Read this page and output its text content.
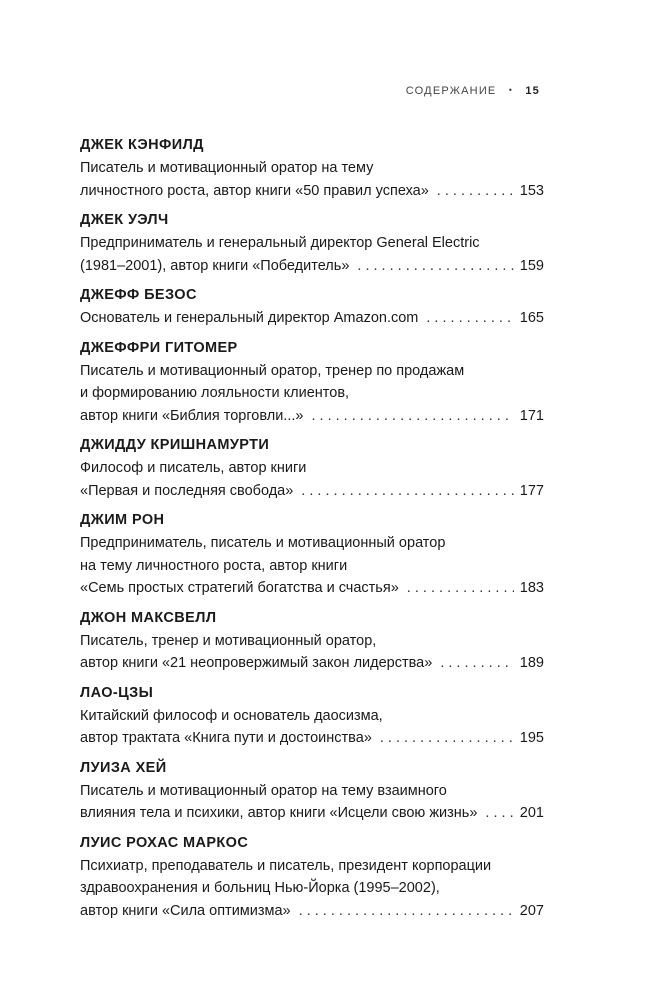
СОДЕРЖАНИЕ • 15
ДЖЕК КЭНФИЛД
Писатель и мотивационный оратор на тему
личностного роста, автор книги «50 правил успеха» . . .	153
ДЖЕК УЭЛЧ
Предприниматель и генеральный директор General Electric
(1981–2001), автор книги «Победитель» . . .	159
ДЖЕФФ БЕЗОС
Основатель и генеральный директор Amazon.com . . .	165
ДЖЕФФРИ ГИТОМЕР
Писатель и мотивационный оратор, тренер по продажам
и формированию лояльности клиентов,
автор книги «Библия торговли...» . . .	171
ДЖИДДУ КРИШНАМУРТИ
Философ и писатель, автор книги
«Первая и последняя свобода» . . .	177
ДЖИМ РОН
Предприниматель, писатель и мотивационный оратор
на тему личностного роста, автор книги
«Семь простых стратегий богатства и счастья» . . .	183
ДЖОН МАКСВЕЛЛ
Писатель, тренер и мотивационный оратор,
автор книги «21 неопровержимый закон лидерства» . . .	189
ЛАО-ЦЗЫ
Китайский философ и основатель даосизма,
автор трактата «Книга пути и достоинства» . . .	195
ЛУИЗА ХЕЙ
Писатель и мотивационный оратор на тему взаимного
влияния тела и психики, автор книги «Исцели свою жизнь» . . .	201
ЛУИС РОХАС МАРКОС
Психиатр, преподаватель и писатель, президент корпорации
здравоохранения и больниц Нью-Йорка (1995–2002),
автор книги «Сила оптимизма» . . .	207
